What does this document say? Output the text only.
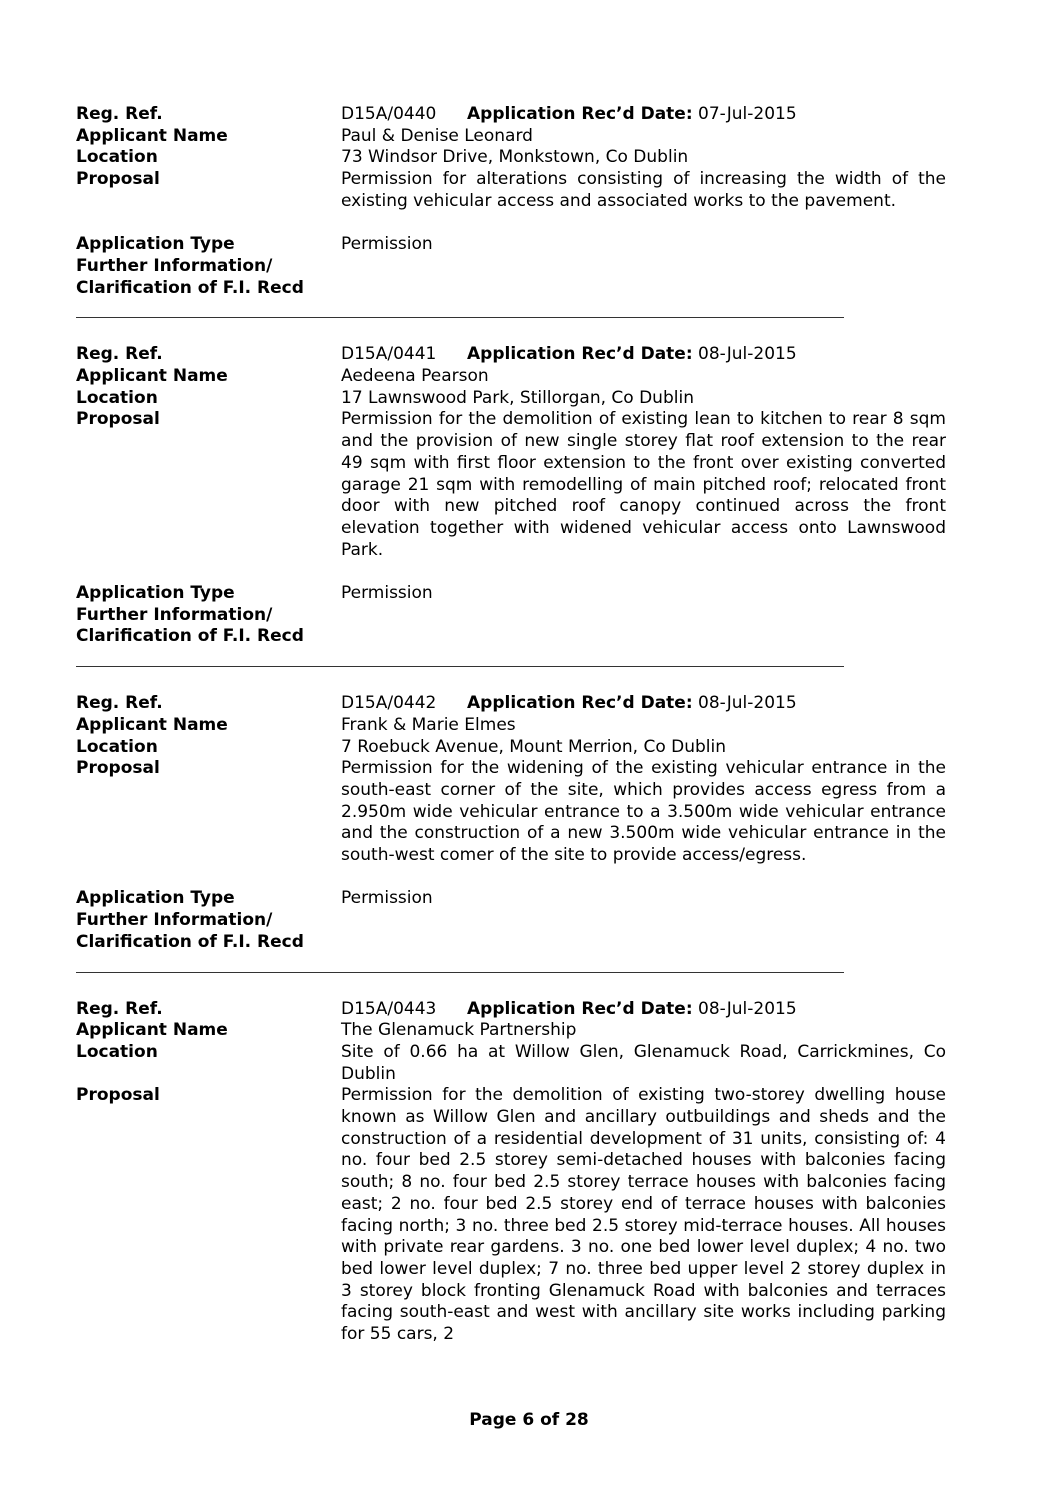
Reg. Ref.	D15A/0440 Application Rec’d Date: 07-Jul-2015
Applicant Name	Paul & Denise Leonard
Location	73 Windsor Drive, Monkstown, Co Dublin
Proposal	Permission for alterations consisting of increasing the width of the existing vehicular access and associated works to the pavement.
Application Type	Permission
Further Information/
Clarification of F.I. Recd
Reg. Ref.	D15A/0441 Application Rec’d Date: 08-Jul-2015
Applicant Name	Aedeena Pearson
Location	17 Lawnswood Park, Stillorgan, Co Dublin
Proposal	Permission for the demolition of existing lean to kitchen to rear 8 sqm and the provision of new single storey flat roof extension to the rear 49 sqm with first floor extension to the front over existing converted garage 21 sqm with remodelling of main pitched roof; relocated front door with new pitched roof canopy continued across the front elevation together with widened vehicular access onto Lawnswood Park.
Application Type	Permission
Further Information/
Clarification of F.I. Recd
Reg. Ref.	D15A/0442 Application Rec’d Date: 08-Jul-2015
Applicant Name	Frank & Marie Elmes
Location	7 Roebuck Avenue, Mount Merrion, Co Dublin
Proposal	Permission for the widening of the existing vehicular entrance in the south-east corner of the site, which provides access egress from a 2.950m wide vehicular entrance to a 3.500m wide vehicular entrance and the construction of a new 3.500m wide vehicular entrance in the south-west comer of the site to provide access/egress.
Application Type	Permission
Further Information/
Clarification of F.I. Recd
Reg. Ref.	D15A/0443 Application Rec’d Date: 08-Jul-2015
Applicant Name	The Glenamuck Partnership
Location	Site of 0.66 ha at Willow Glen, Glenamuck Road, Carrickmines, Co Dublin
Proposal	Permission for the demolition of existing two-storey dwelling house known as Willow Glen and ancillary outbuildings and sheds and the construction of a residential development of 31 units, consisting of: 4 no. four bed 2.5 storey semi-detached houses with balconies facing south; 8 no. four bed 2.5 storey terrace houses with balconies facing east; 2 no. four bed 2.5 storey end of terrace houses with balconies facing north; 3 no. three bed 2.5 storey mid-terrace houses. All houses with private rear gardens. 3 no. one bed lower level duplex; 4 no. two bed lower level duplex; 7 no. three bed upper level 2 storey duplex in 3 storey block fronting Glenamuck Road with balconies and terraces facing south-east and west with ancillary site works including parking for 55 cars, 2
Page 6 of 28
